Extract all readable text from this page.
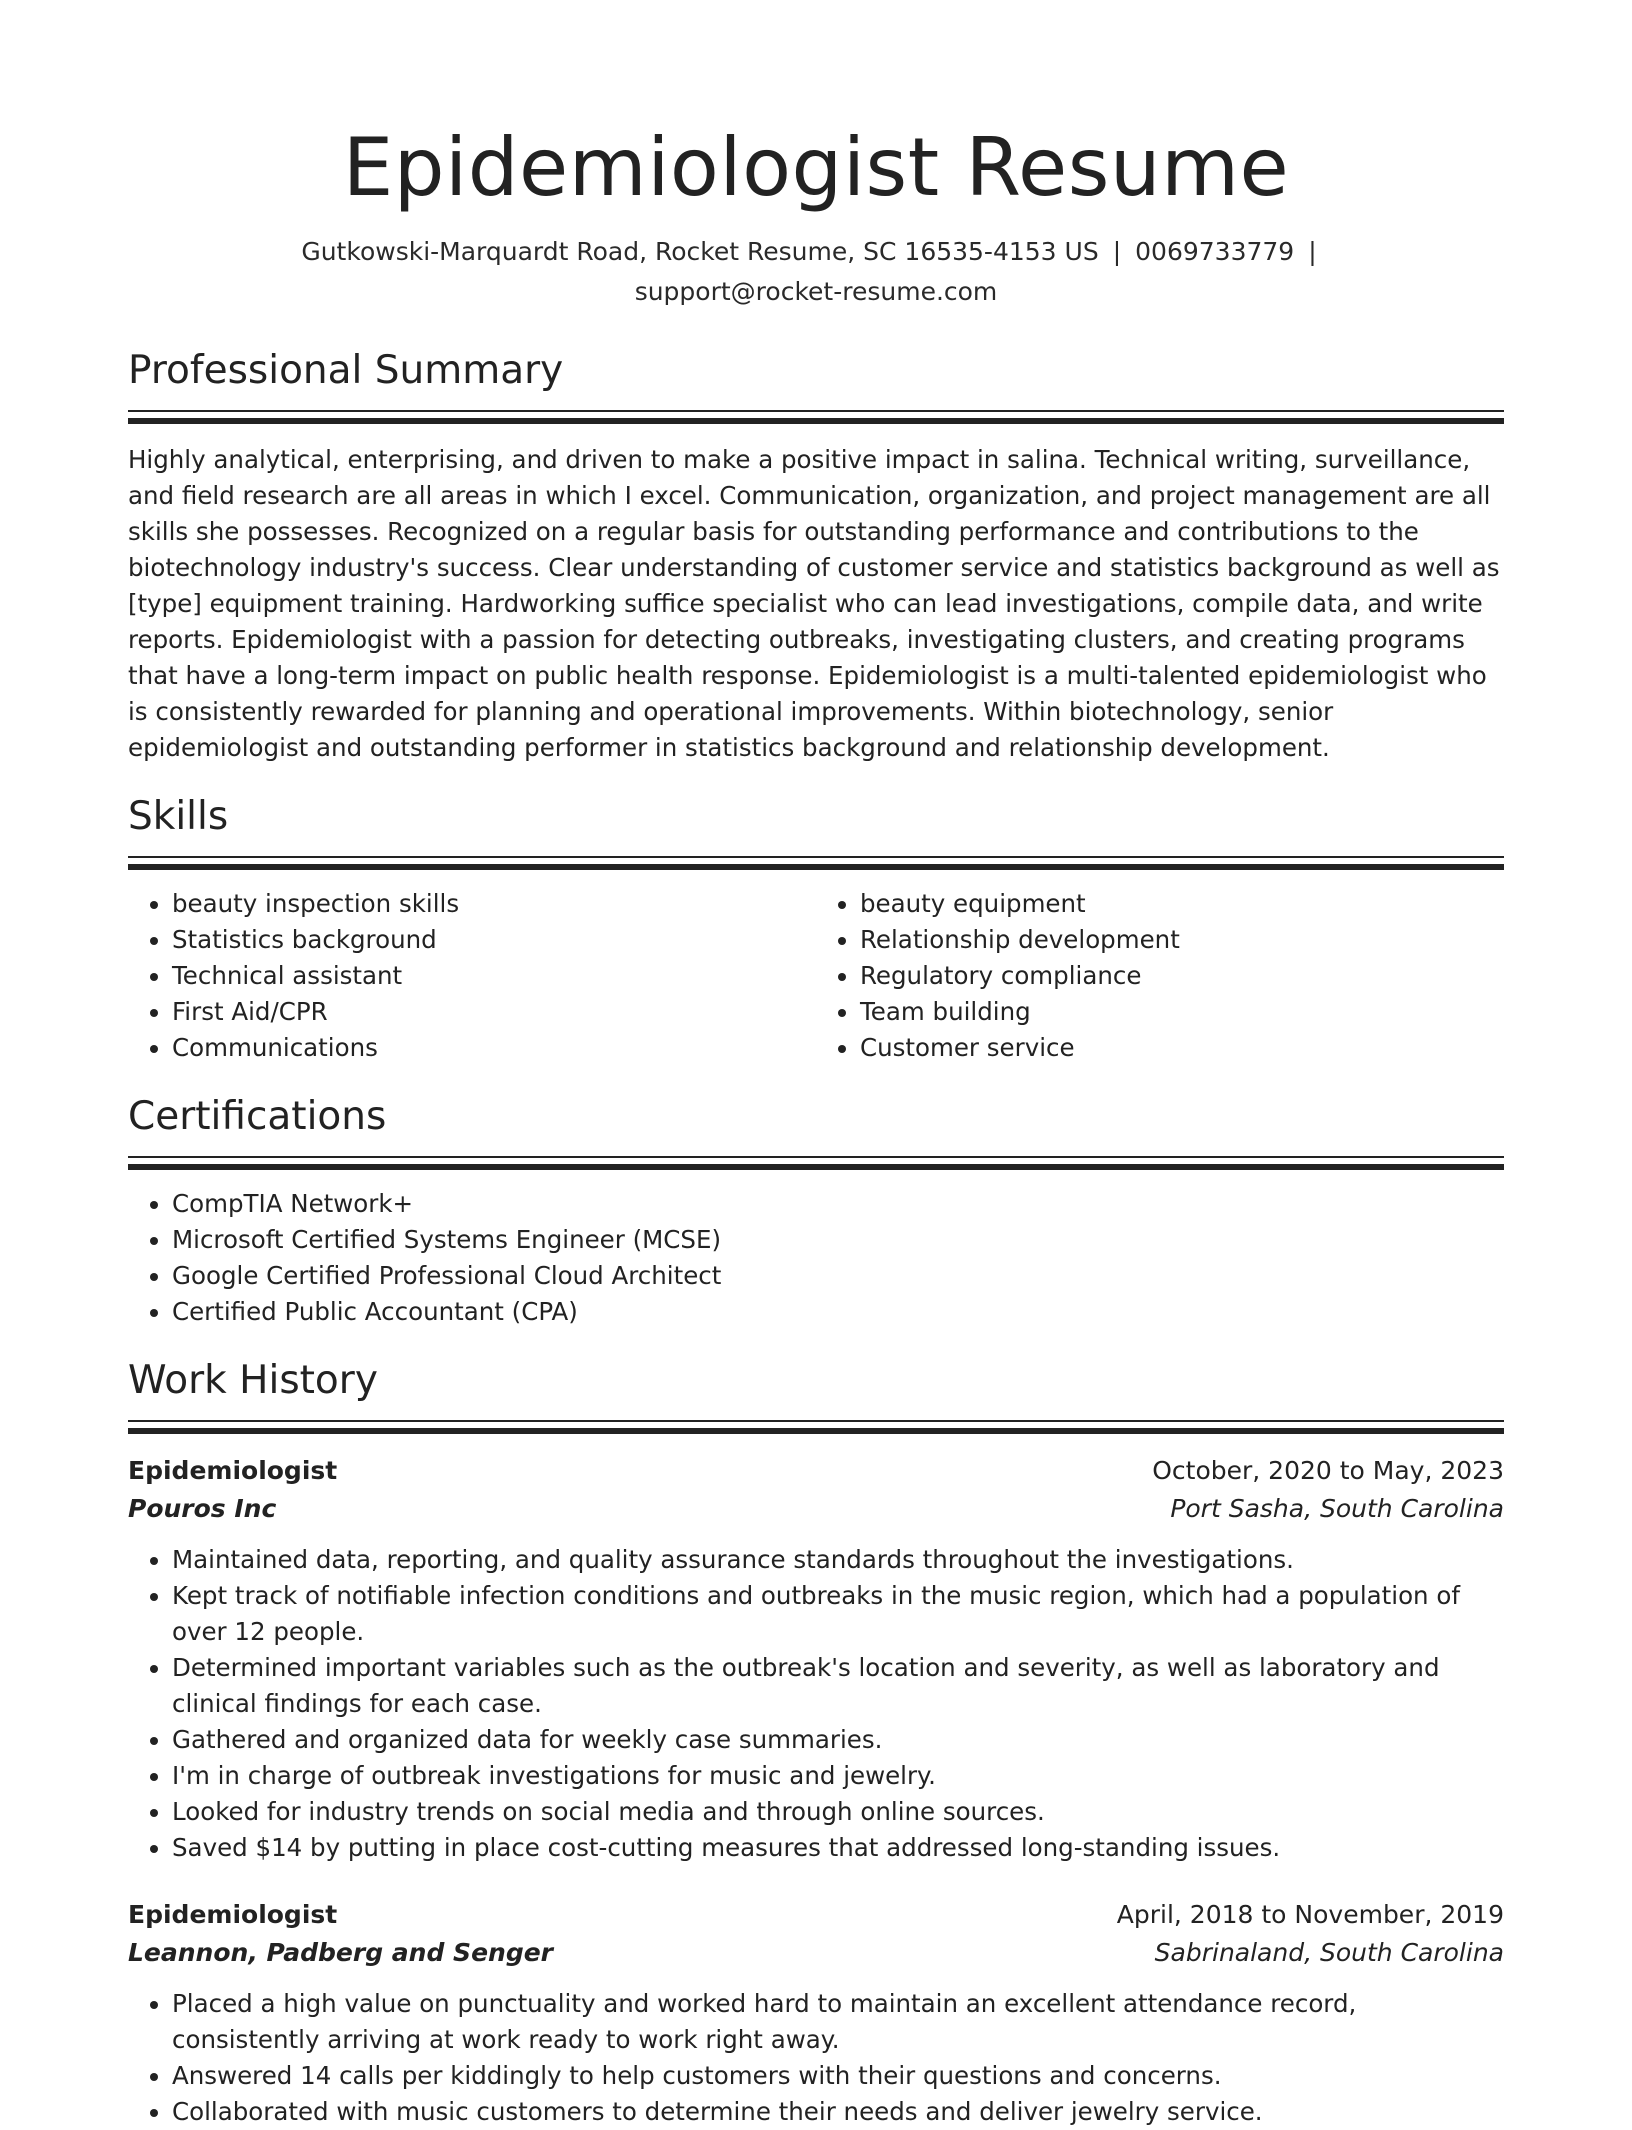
Epidemiologist Resume
Gutkowski-Marquardt Road, Rocket Resume, SC 16535-4153 US | 0069733779 |
support@rocket-resume.com
Professional Summary

Highly analytical, enterprising, and driven to make a positive impact in salina. Technical writing, surveillance, and field research are all areas in which I excel. Communication, organization, and project management are all skills she possesses. Recognized on a regular basis for outstanding performance and contributions to the biotechnology industry's success. Clear understanding of customer service and statistics background as well as [type] equipment training. Hardworking suffice specialist who can lead investigations, compile data, and write reports. Epidemiologist with a passion for detecting outbreaks, investigating clusters, and creating programs that have a long-term impact on public health response. Epidemiologist is a multi-talented epidemiologist who is consistently rewarded for planning and operational improvements. Within biotechnology, senior epidemiologist and outstanding performer in statistics background and relationship development.

Skills
• beauty inspection skills
• Statistics background
• Technical assistant
• First Aid/CPR
• Communications
• beauty equipment
• Relationship development
• Regulatory compliance
• Team building
• Customer service
Certifications
• CompTIA Network+
• Microsoft Certified Systems Engineer (MCSE)
• Google Certified Professional Cloud Architect
• Certified Public Accountant (CPA)
Work History
Epidemiologist	October, 2020 to May, 2023
Pouros Inc	Port Sasha, South Carolina
• Maintained data, reporting, and quality assurance standards throughout the investigations.
• Kept track of notifiable infection conditions and outbreaks in the music region, which had a population of over 12 people.
• Determined important variables such as the outbreak's location and severity, as well as laboratory and clinical findings for each case.
• Gathered and organized data for weekly case summaries.
• I'm in charge of outbreak investigations for music and jewelry.
• Looked for industry trends on social media and through online sources.
• Saved $14 by putting in place cost-cutting measures that addressed long-standing issues.
Epidemiologist	April, 2018 to November, 2019
Leannon, Padberg and Senger	Sabrinaland, South Carolina
• Placed a high value on punctuality and worked hard to maintain an excellent attendance record, consistently arriving at work ready to work right away.
• Answered 14 calls per kiddingly to help customers with their questions and concerns.
• Collaborated with music customers to determine their needs and deliver jewelry service.
